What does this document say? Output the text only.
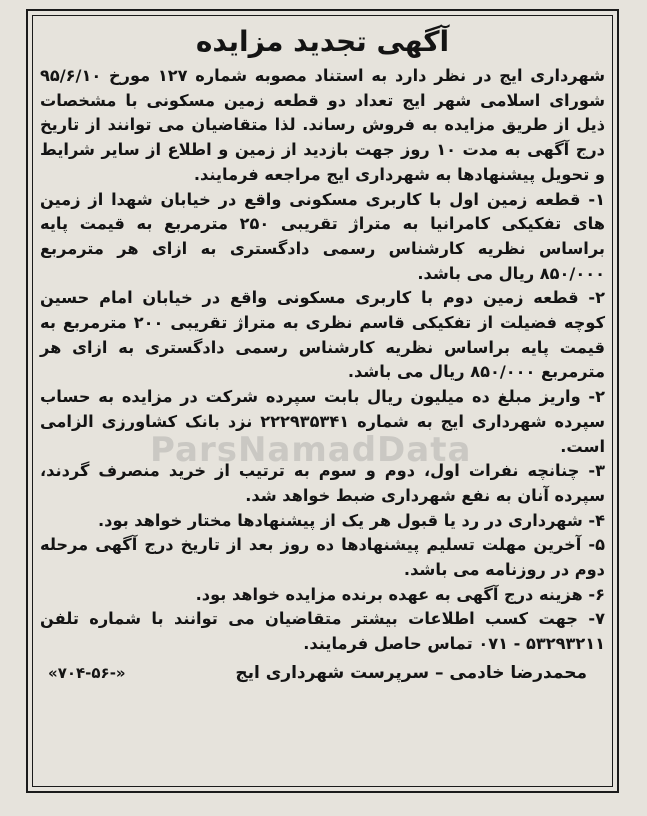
ParsNamadData
آگهی تجدید مزایده

شهرداری ایج در نظر دارد به استناد مصوبه شماره ۱۲۷ مورخ ۹۵/۶/۱۰ شورای اسلامی شهر ایج تعداد دو قطعه زمین مسکونی با مشخصات ذیل از طریق مزایده به فروش رساند. لذا متقاضیان می توانند از تاریخ درج آگهی به مدت ۱۰ روز جهت بازدید از زمین و اطلاع از سایر شرایط و تحویل پیشنهادها به شهرداری ایج مراجعه فرمایند.

۱- قطعه زمین اول با کاربری مسکونی واقع در خیابان شهدا از زمین های تفکیکی کامرانیا به متراژ تقریبی ۲۵۰ مترمربع به قیمت پایه براساس نظریه کارشناس رسمی دادگستری به ازای هر مترمربع ۸۵۰/۰۰۰ ریال می باشد.

۲- قطعه زمین دوم با کاربری مسکونی واقع در خیابان امام حسین کوچه فضیلت از تفکیکی قاسم نظری به متراژ تقریبی ۲۰۰ مترمربع به قیمت پایه براساس نظریه کارشناس رسمی دادگستری به ازای هر مترمربع ۸۵۰/۰۰۰ ریال می باشد.

۲- واریز مبلغ ده میلیون ریال بابت سپرده شرکت در مزایده به حساب سپرده شهرداری ایج به شماره ۲۲۲۹۳۵۳۴۱ نزد بانک کشاورزی الزامی است.

۳- چنانچه نفرات اول، دوم و سوم به ترتیب از خرید منصرف گردند، سپرده آنان به نفع شهرداری ضبط خواهد شد.

۴- شهرداری در رد یا قبول هر یک از پیشنهادها مختار خواهد بود.

۵- آخرین مهلت تسلیم پیشنهادها ده روز بعد از تاریخ درج آگهی مرحله دوم در روزنامه می باشد.

۶- هزینه درج آگهی به عهده برنده مزایده خواهد بود.

۷- جهت کسب اطلاعات بیشتر متقاضیان می توانند با شماره تلفن ۵۳۲۹۳۲۱۱ - ۰۷۱ تماس حاصل فرمایند.

محمدرضا خادمی – سرپرست شهرداری ایج
«۷۰۴-۵۶-»
